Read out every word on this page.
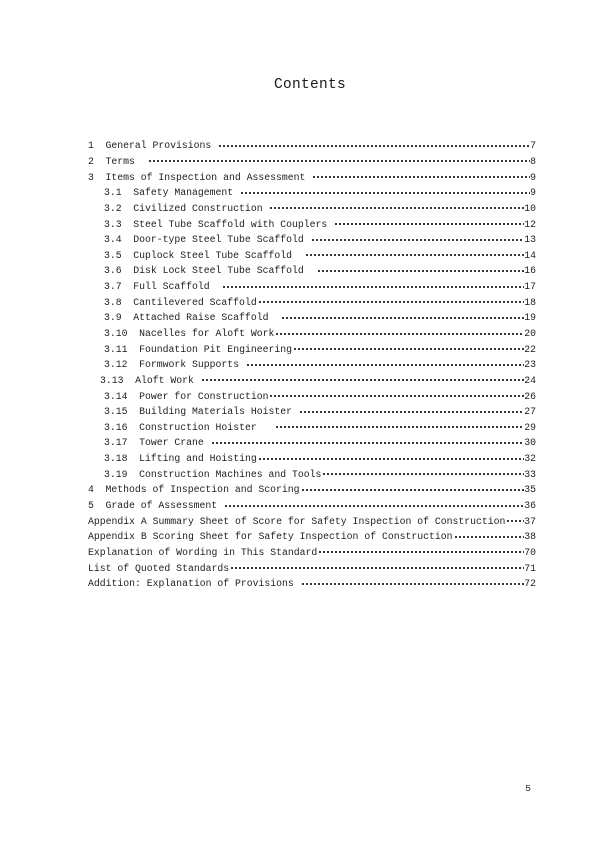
Contents
1 General Provisions	7
2 Terms	8
3 Items of Inspection and Assessment	9
3.1 Safety Management	9
3.2 Civilized Construction	10
3.3 Steel Tube Scaffold with Couplers	12
3.4 Door-type Steel Tube Scaffold	13
3.5 Cuplock Steel Tube Scaffold	14
3.6 Disk Lock Steel Tube Scaffold	16
3.7 Full Scaffold	17
3.8 Cantilevered Scaffold	18
3.9 Attached Raise Scaffold	19
3.10 Nacelles for Aloft Work	20
3.11 Foundation Pit Engineering	22
3.12 Formwork Supports	23
3.13 Aloft Work	24
3.14 Power for Construction	26
3.15 Building Materials Hoister	27
3.16 Construction Hoister	29
3.17 Tower Crane	30
3.18 Lifting and Hoisting	32
3.19 Construction Machines and Tools	33
4 Methods of Inspection and Scoring	35
5 Grade of Assessment	36
Appendix A Summary Sheet of Score for Safety Inspection of Construction 37
Appendix B Scoring Sheet for Safety Inspection of Construction	38
Explanation of Wording in This Standard	70
List of Quoted Standards	71
Addition: Explanation of Provisions	72
5
